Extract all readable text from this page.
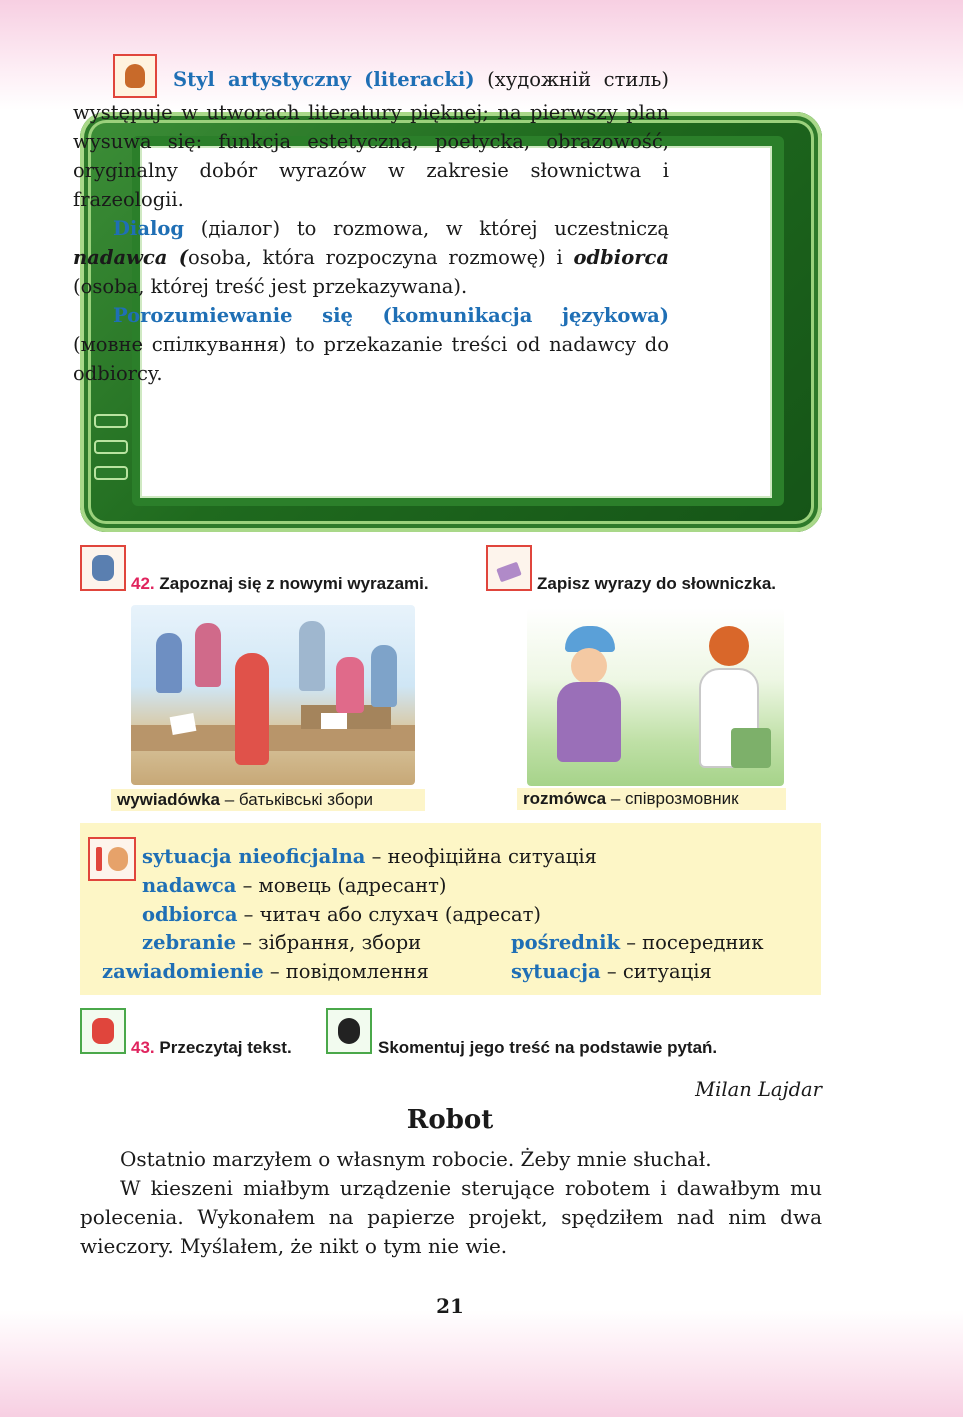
Styl artystyczny (literacki) (художній стиль) występuje w utworach literatury pięknej; na pierwszy plan wysuwa się: funkcja estetyczna, poetycka, obrazowość, oryginalny dobór wyrazów w zakresie słownictwa i frazeologii.

Dialog (діалог) to rozmowa, w której uczestniczą nadawca (osoba, która rozpoczyna rozmowę) i odbiorca (osoba, której treść jest przekazywana).

Porozumiewanie się (komunikacja językowa) (мовне спілкування) to przekazanie treści od nadawcy do odbiorcy.

42. Zapoznaj się z nowymi wyrazami.	Zapisz wyrazy do słowniczka.
wywiadówka – батьківські збори	rozmówca – співрозмовник
sytuacja nieoficjalna – неофіційна ситуація
nadawca – мовець (адресант)
odbiorca – читач або слухач (адресат)
zebranie – зібрання, збори	pośrednik – посередник
zawiadomienie – повідомлення	sytuacja – ситуація
43. Przeczytaj tekst.	Skomentuj jego treść na podstawie pytań.
Milan Lajdar
Robot

Ostatnio marzyłem o własnym robocie. Żeby mnie słuchał.

W kieszeni miałbym urządzenie sterujące robotem i dawałbym mu polecenia. Wykonałem na papierze projekt, spędziłem nad nim dwa wieczory. Myślałem, że nikt o tym nie wie.

21
